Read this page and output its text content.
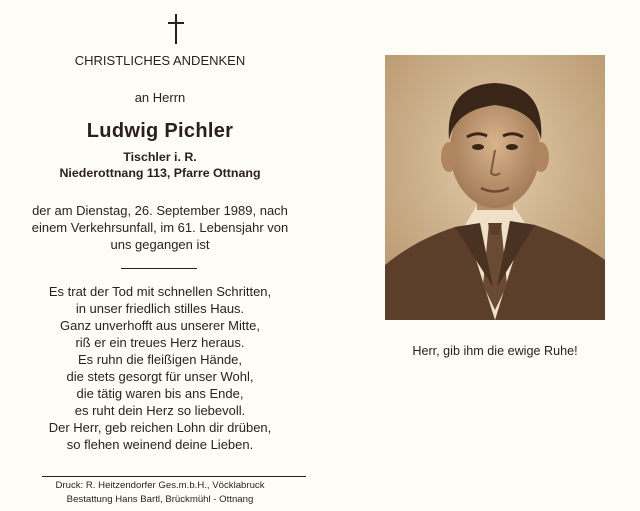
CHRISTLICHES ANDENKEN
an Herrn
Ludwig Pichler
Tischler i. R.
Niederottnang 113, Pfarre Ottnang
der am Dienstag, 26. September 1989, nach
einem Verkehrsunfall, im 61. Lebensjahr von
uns gegangen ist
Es trat der Tod mit schnellen Schritten,
in unser friedlich stilles Haus.
Ganz unverhofft aus unserer Mitte,
riß er ein treues Herz heraus.
Es ruhn die fleißigen Hände,
die stets gesorgt für unser Wohl,
die tätig waren bis ans Ende,
es ruht dein Herz so liebevoll.
Der Herr, geb reichen Lohn dir drüben,
so flehen weinend deine Lieben.
Druck: R. Heitzendorfer Ges.m.b.H., Vöcklabruck
Bestattung Hans Bartl, Brückmühl - Ottnang
Herr, gib ihm die ewige Ruhe!
